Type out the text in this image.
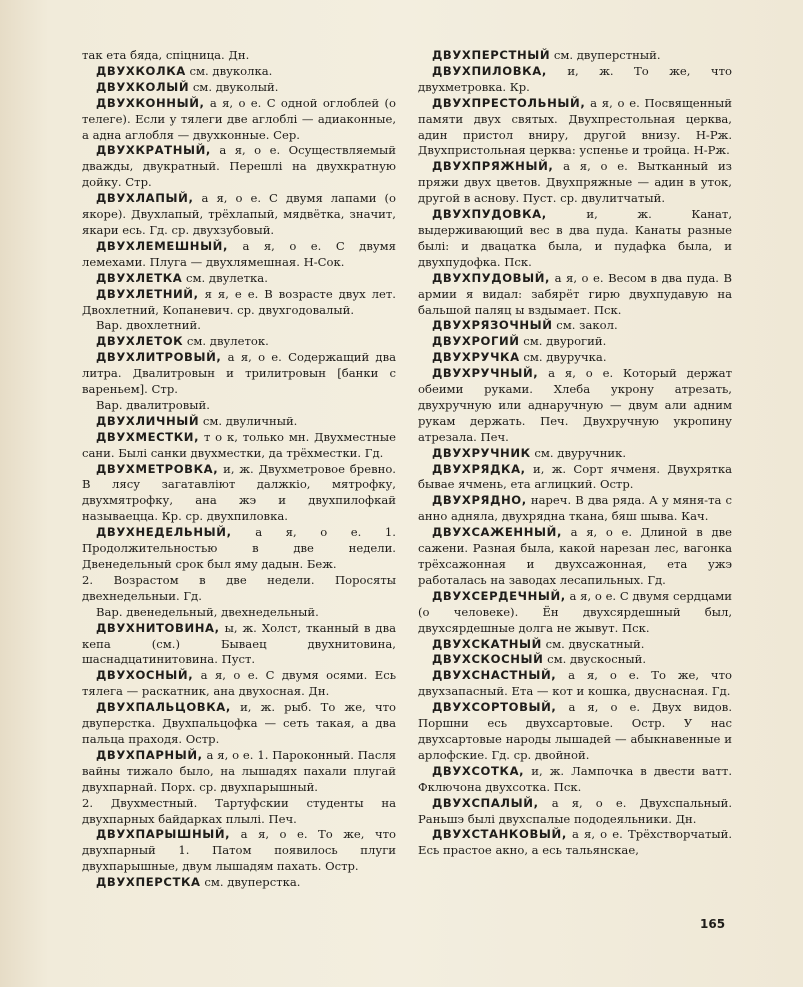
так ета бяда, спiцница. Дн.

ДВУХКОЛКА см. двуколка.

ДВУХКОЛЫЙ см. двуколый.

ДВУХКОННЫЙ, а я, о е. С одной оглоблей (о телеге). Если у тялеги две аглоблi — адиаконные, а адна аглобля — двухконные. Сер.

ДВУХКРАТНЫЙ, а я, о е. Осуществляемый дважды, двукратный. Перешлi на двухкратную дойку. Стр.

ДВУХЛАПЫЙ, а я, о е. С двумя лапами (о якоре). Двухлапый, трёхлапый, мядвётка, значит, якари есь. Гд. ср. двухзубовый.

ДВУХЛЕМЕШНЫЙ, а я, о е. С двумя лемехами. Плуга — двухлямешная. Н-Сок.

ДВУХЛЕТКА см. двулетка.

ДВУХЛЕТНИЙ, я я, е е. В возрасте двух лет. Двохлетний, Копаневич. ср. двухгодовалый.

Вар. двохлетний.

ДВУХЛЕТОК см. двулеток.

ДВУХЛИТРОВЫЙ, а я, о е. Содержащий два литра. Двалитровын и трилитровын [банки с вареньем]. Стр.

Вар. двалитровый.

ДВУХЛИЧНЫЙ см. двуличный.

ДВУХМЕСТКИ, т о к, только мн. Двухместные сани. Былi санки двухместки, да трёхместки. Гд.

ДВУХМЕТРОВКА, и, ж. Двухметровое бревно. В лясу загатавлiют далжкiо, мятрофку, двухмятрофку, ана жэ и двухпилофкай называецца. Кр. ср. двухпиловка.

ДВУХНЕДЕЛЬНЫЙ, а я, о е. 1. Продолжительностью в две недели. Двенедельный срок был яму дадын. Беж.

2. Возрастом в две недели. Поросяты двехнедельныи. Гд.

Вар. двенедельный, двехнедельный.

ДВУХНИТОВИНА, ы, ж. Холст, тканный в два кепа (см.) Бываец двухнитовина, шаснадцатинитовина. Пуст.

ДВУХОСНЫЙ, а я, о е. С двумя осями. Есь тялега — раскатник, ана двухосная. Дн.

ДВУХПАЛЬЦОВКА, и, ж. рыб. То же, что двуперстка. Двухпальцофка — сеть такая, а два пальца праходя. Остр.

ДВУХПАРНЫЙ, а я, о е. 1. Пароконный. Пасля вайны тижало было, на лышадях пахали плугай двухпарнай. Порх. ср. двухпарышный.

2. Двухместный. Тартуфскии студенты на двухпарных байдарках плылi. Печ.

ДВУХПАРЫШНЫЙ, а я, о е. То же, что двухпарный 1. Патом появилось плуги двухпарышные, двум лышадям пахать. Остр.

ДВУХПЕРСТКА см. двуперстка.

ДВУХПЕРСТНЫЙ см. двуперстный.

ДВУХПИЛОВКА, и, ж. То же, что двухметровка. Кр.

ДВУХПРЕСТОЛЬНЫЙ, а я, о е. Посвященный памяти двух святых. Двухпрестольная церква, адин пристол вниру, другой внизу. Н-Рж. Двухпристольная церква: успенье и тройца. Н-Рж.

ДВУХПРЯЖНЫЙ, а я, о е. Вытканный из пряжи двух цветов. Двухпряжные — адин в уток, другой в аснову. Пуст. ср. двулитчатый.

ДВУХПУДОВКА,	и, ж. Канат, выдерживающий вес в два пуда. Канаты разные былi: и двацатка была, и пудафка была, и двухпудофка. Пск.

ДВУХПУДОВЫЙ, а я, о е. Весом в два пуда. В армии я видал: забярёт гирю двухпудавую на бальшой паляц ы вздымает. Пск.

ДВУХРЯЗОЧНЫЙ см. закол.

ДВУХРОГИЙ см. двурогий.

ДВУХРУЧКА см. двуручка.

ДВУХРУЧНЫЙ, а я, о е. Который держат обеими руками. Хлеба укрону атрезать, двухручную или аднаручную — двум али адним рукам держать. Печ. Двухручную укропину атрезала. Печ.

ДВУХРУЧНИК см. двуручник.

ДВУХРЯДКА, и, ж. Сорт ячменя. Двухрятка бывае ячмень, ета аглицкий. Остр.

ДВУХРЯДНО, нареч. В два ряда. А у мяня-та с анно адняла, двухрядна ткана, бяш шыва. Кач.

ДВУХСАЖЕННЫЙ, а я, о е. Длиной в две сажени. Разная была, какой нарезан лес, вагонка трёхсажонная и двухсажонная, ета ужэ работалась на заводах лесапильных. Гд.

ДВУХСЕРДЕЧНЫЙ, а я, о е. С двумя сердцами (о человеке). Ён двухсярдешный был, двухсярдешные долга не жывут. Пск.

ДВУХСКАТНЫЙ см. двускатный.

ДВУХСКОСНЫЙ см. двускосный.

ДВУХСНАСТНЫЙ, а я, о е. То же, что двухзапасный. Ета — кот и кошка, двуснасная. Гд.

ДВУХСОРТОВЫЙ, а я, о е. Двух видов. Поршни есь двухсартовые. Остр. У нас двухсартовые народы лышадей — абыкнавенные и арлофские. Гд. ср. двойной.

ДВУХСОТКА, и, ж. Лампочка в двести ватт. Фключона двухсотка. Пск.

ДВУХСПАЛЫЙ, а я, о е. Двухспальный. Раньшэ былi двухспалые пододеяльники. Дн.

ДВУХСТАНКОВЫЙ, а я, о е. Трёхстворчатый. Есь прастое акно, а есь тальянскае,

165
